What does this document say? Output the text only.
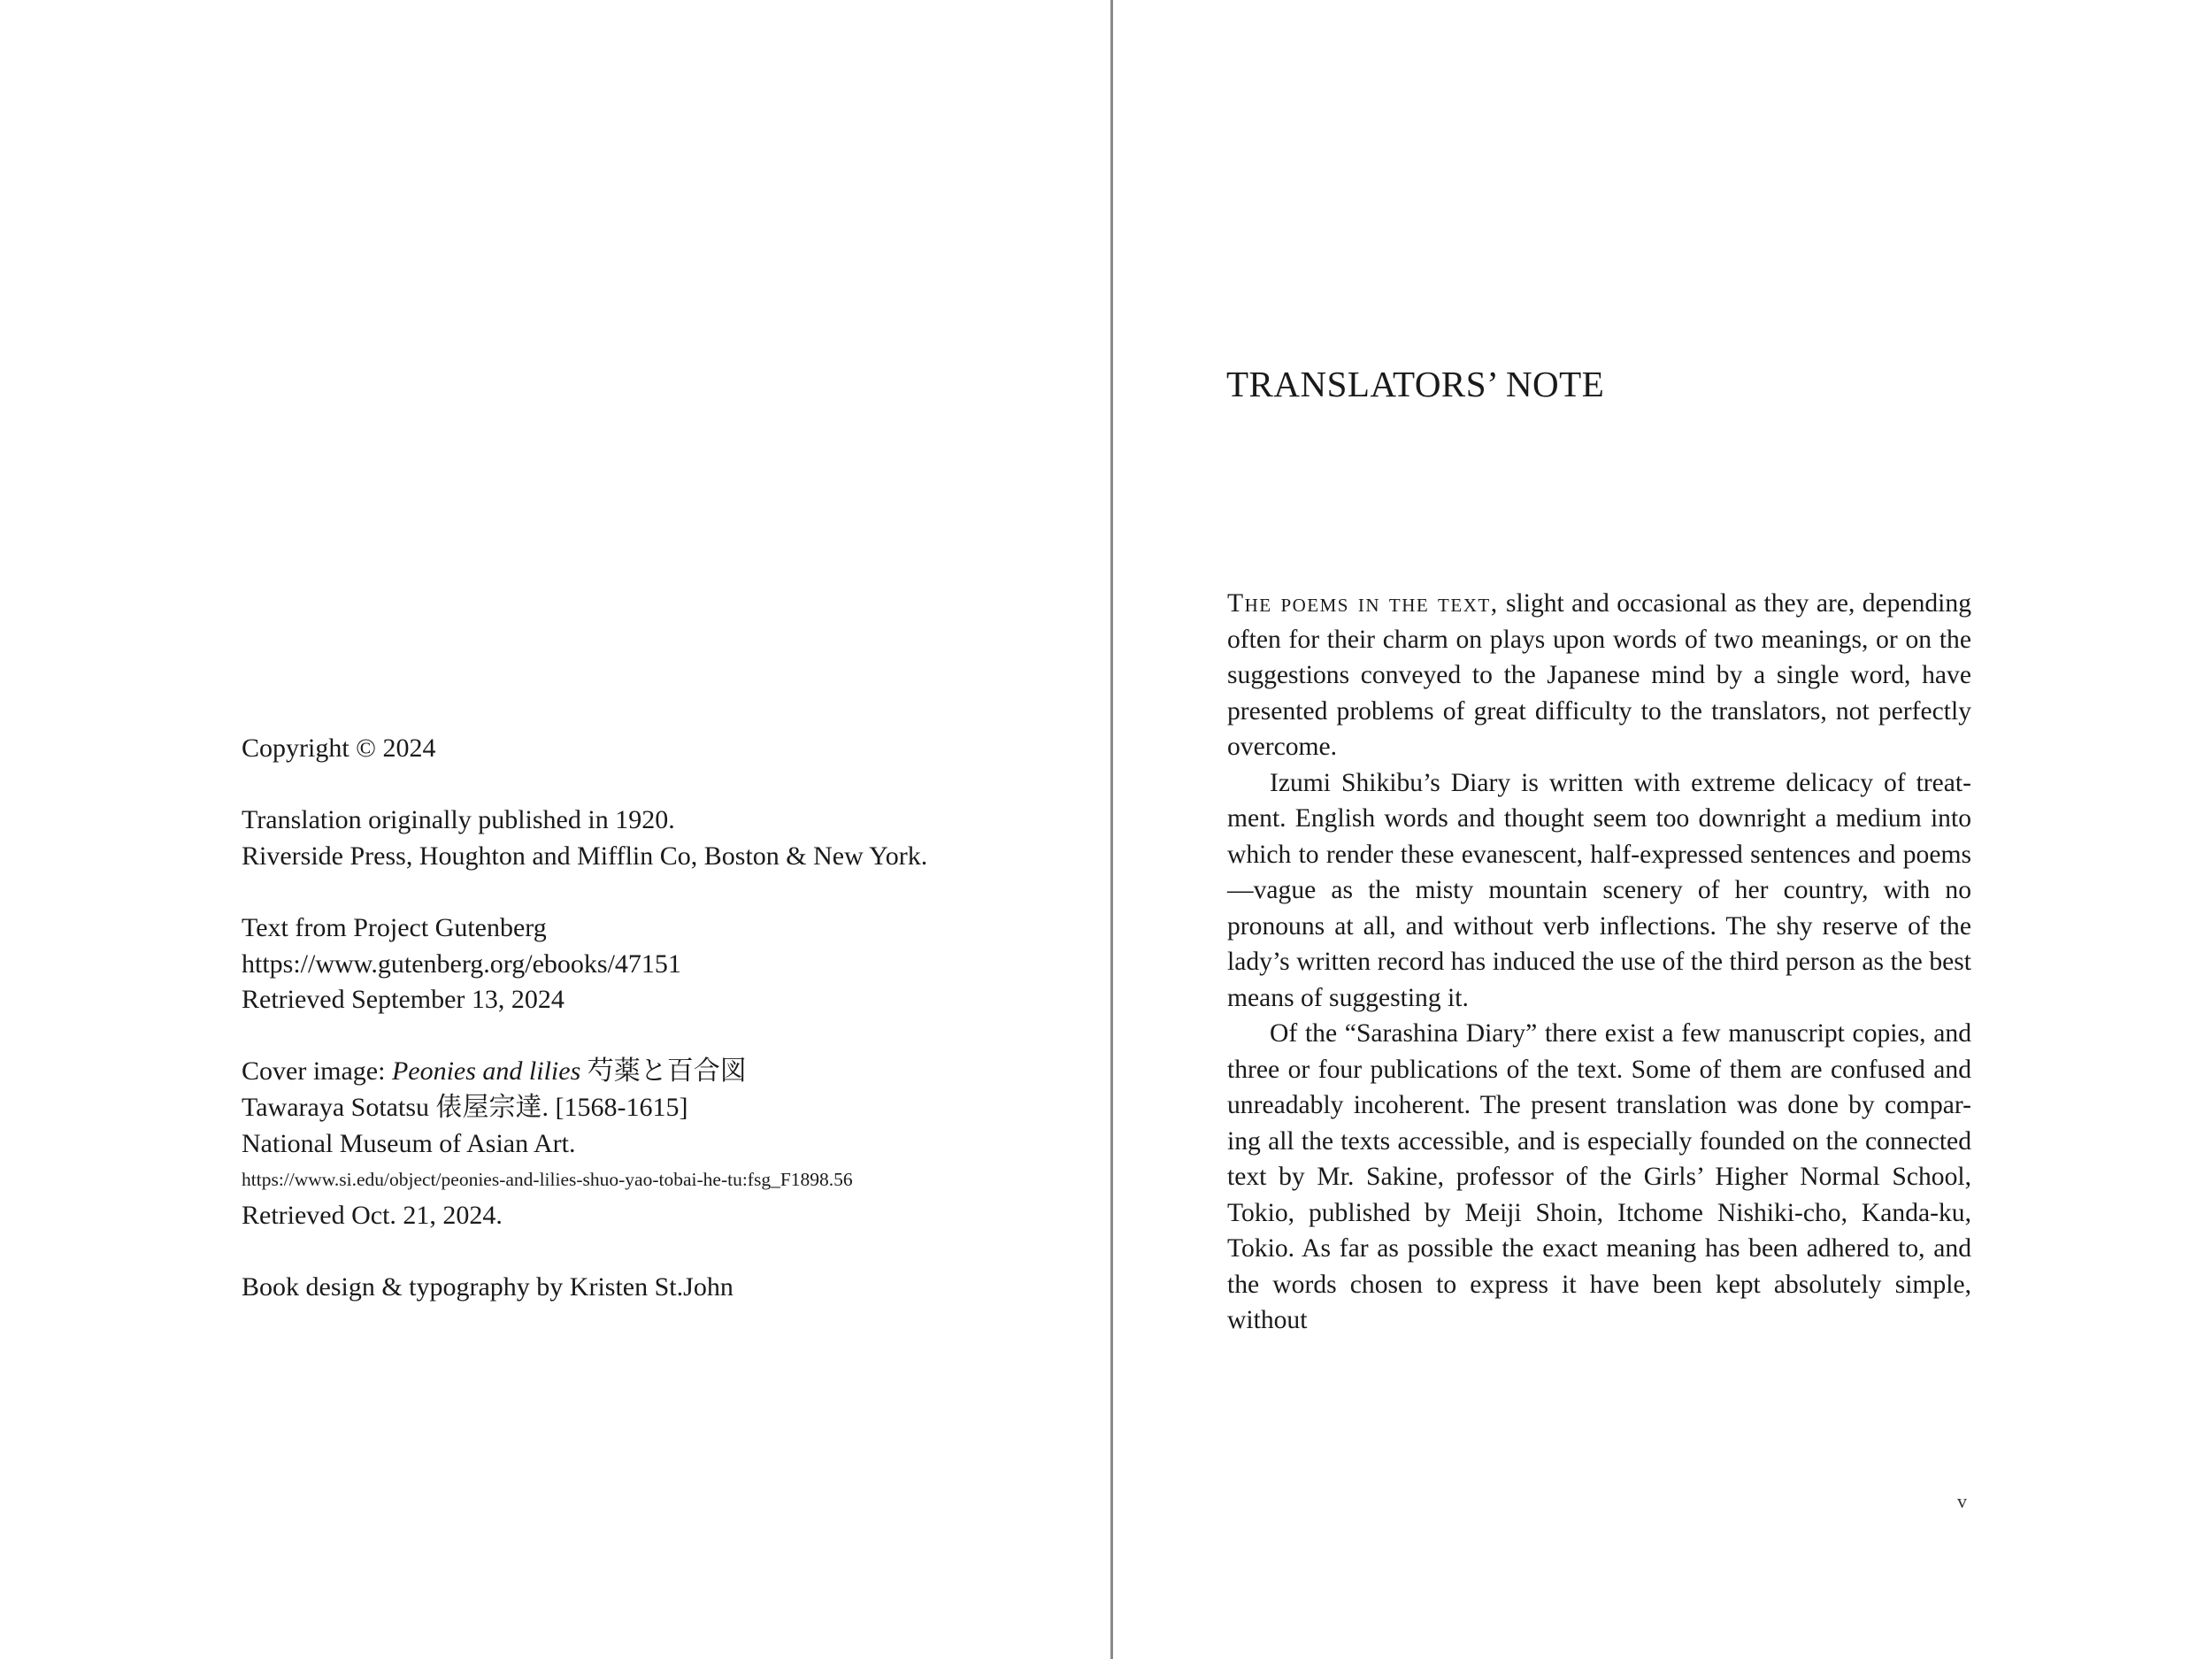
Copyright © 2024
Translation originally published in 1920.
Riverside Press, Houghton and Mifflin Co, Boston & New York.
Text from Project Gutenberg
https://www.gutenberg.org/ebooks/47151
Retrieved September 13, 2024
Cover image: Peonies and lilies 芍薬と百合図
Tawaraya Sotatsu 俵屋宗達. [1568-1615]
National Museum of Asian Art.
https://www.si.edu/object/peonies-and-lilies-shuo-yao-tobai-he-tu:fsg_F1898.56
Retrieved Oct. 21, 2024.
Book design & typography by Kristen St.John
TRANSLATORS’ NOTE

The poems in the text, slight and occasional as they are, depending often for their charm on plays upon words of two meanings, or on the suggestions conveyed to the Japanese mind by a single word, have presented problems of great difficulty to the translators, not perfectly overcome.

Izumi Shikibu’s Diary is written with extreme delicacy of treat-ment. English words and thought seem too downright a medium into which to render these evanescent, half-expressed sentences and poems—vague as the misty mountain scenery of her country, with no pronouns at all, and without verb inflections. The shy reserve of the lady’s written record has induced the use of the third person as the best means of suggesting it.

Of the “Sarashina Diary” there exist a few manuscript copies, and three or four publications of the text. Some of them are confused and unreadably incoherent. The present translation was done by compar-ing all the texts accessible, and is especially founded on the connected text by Mr. Sakine, professor of the Girls’ Higher Normal School, Tokio, published by Meiji Shoin, Itchome Nishiki-cho, Kanda-ku, Tokio. As far as possible the exact meaning has been adhered to, and the words chosen to express it have been kept absolutely simple, without

v
